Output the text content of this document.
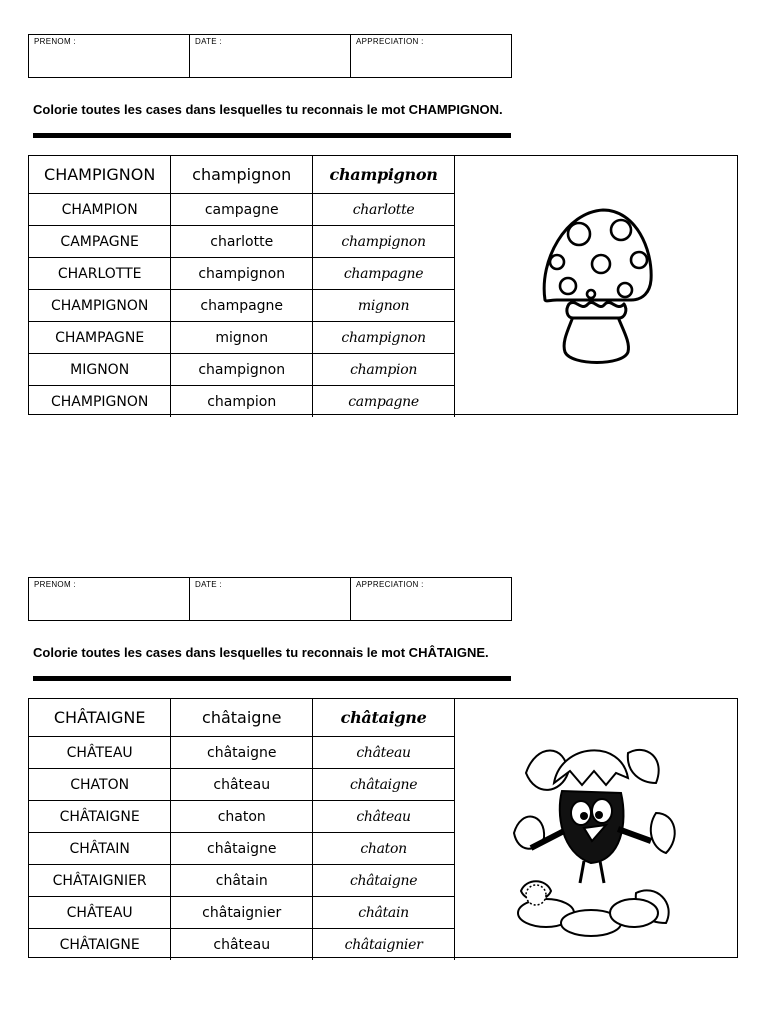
PRENOM :	DATE :	APPRECIATION :
Colorie toutes les cases dans lesquelles tu reconnais le mot CHAMPIGNON.
CHAMPIGNON	champignon	champignon
CHAMPION	campagne	charlotte
CAMPAGNE	charlotte	champignon
CHARLOTTE	champignon	champagne
CHAMPIGNON	champagne	mignon
CHAMPAGNE	mignon	champignon
MIGNON	champignon	champion
CHAMPIGNON	champion	campagne
PRENOM :	DATE :	APPRECIATION :
Colorie toutes les cases dans lesquelles tu reconnais le mot CHÂTAIGNE.
CHÂTAIGNE	châtaigne	châtaigne
CHÂTEAU	châtaigne	château
CHATON	château	châtaigne
CHÂTAIGNE	chaton	château
CHÂTAIN	châtaigne	chaton
CHÂTAIGNIER	châtain	châtaigne
CHÂTEAU	châtaignier	châtain
CHÂTAIGNE	château	châtaignier
